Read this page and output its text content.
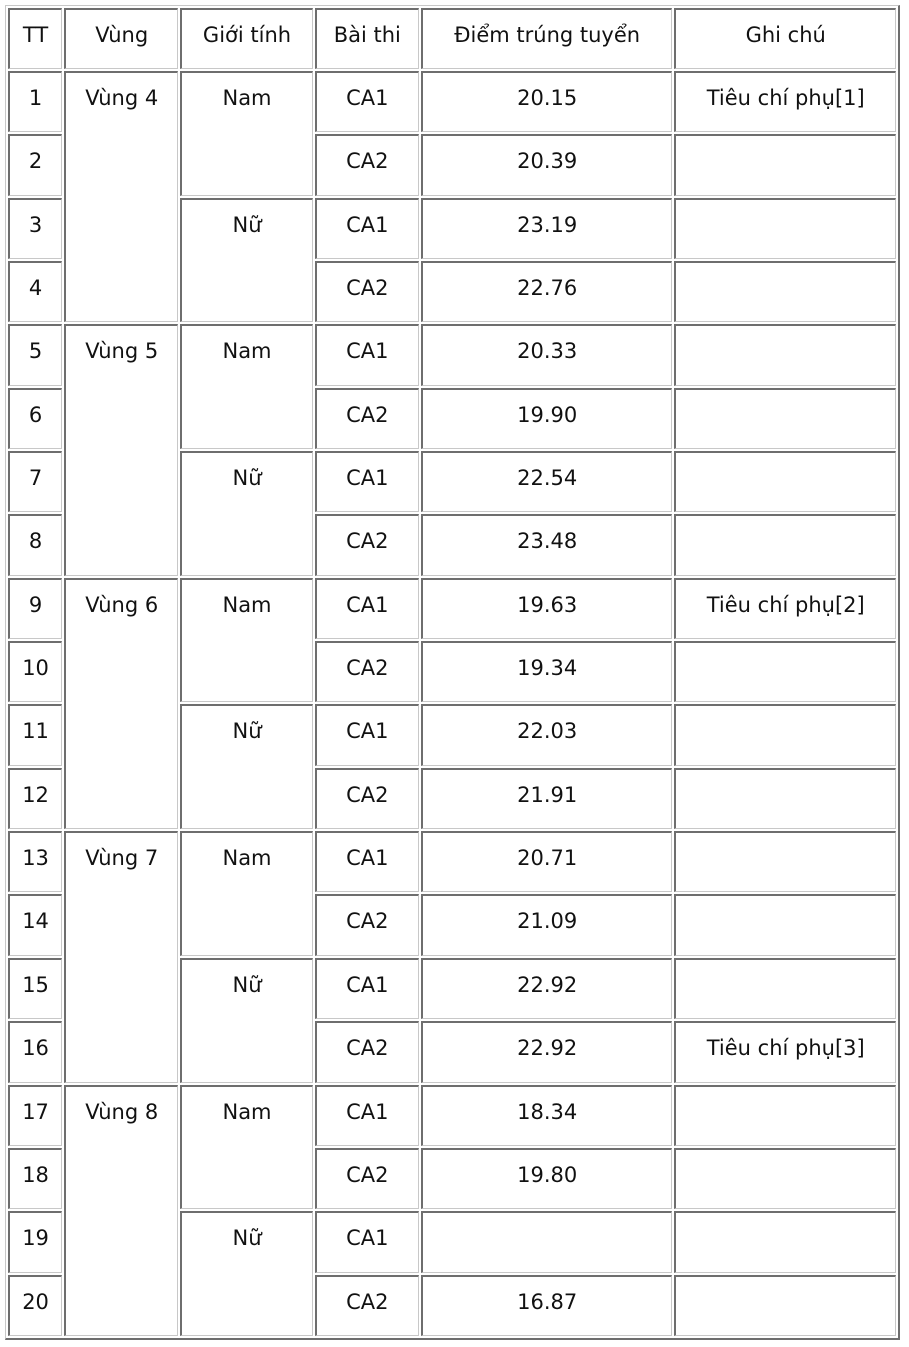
TT	Vùng	Giới tính	Bài thi	Điểm trúng tuyển	Ghi chú
1	Vùng 4	Nam	CA1	20.15	Tiêu chí phụ[1]
2			CA2	20.39	
3		Nữ	CA1	23.19	
4			CA2	22.76	
5	Vùng 5	Nam	CA1	20.33	
6			CA2	19.90	
7		Nữ	CA1	22.54	
8			CA2	23.48	
9	Vùng 6	Nam	CA1	19.63	Tiêu chí phụ[2]
10			CA2	19.34	
11		Nữ	CA1	22.03	
12			CA2	21.91	
13	Vùng 7	Nam	CA1	20.71	
14			CA2	21.09	
15		Nữ	CA1	22.92	
16			CA2	22.92	Tiêu chí phụ[3]
17	Vùng 8	Nam	CA1	18.34	
18			CA2	19.80	
19		Nữ	CA1		
20			CA2	16.87	
